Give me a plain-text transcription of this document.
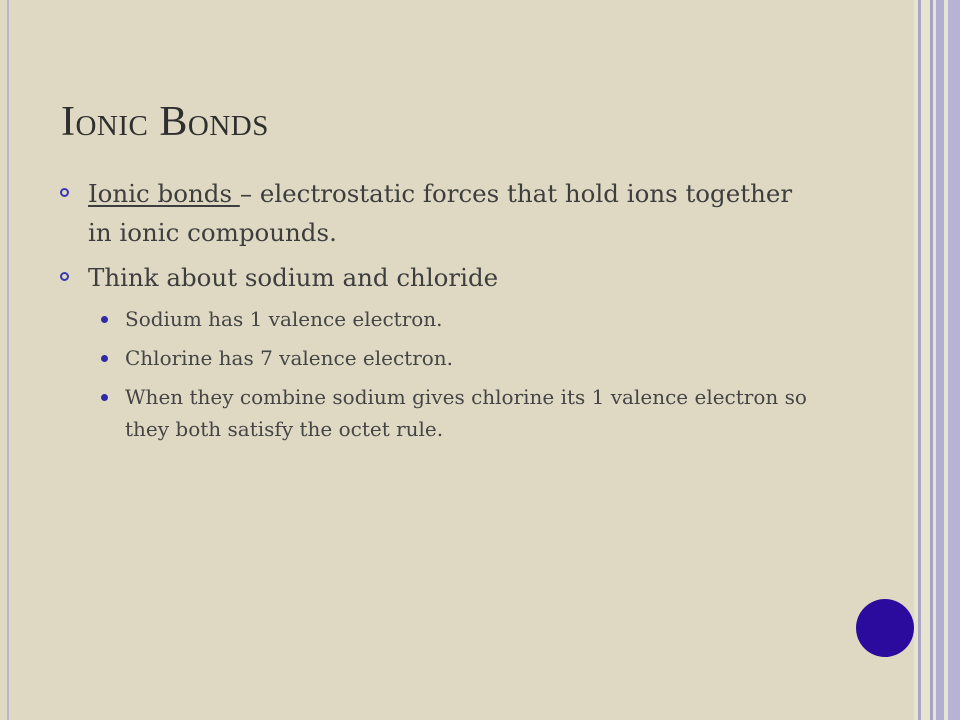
Ionic Bonds
Ionic bonds – electrostatic forces that hold ions together in ionic compounds.
Think about sodium and chloride
Sodium has 1 valence electron.
Chlorine has 7 valence electron.
When they combine sodium gives chlorine its 1 valence electron so they both satisfy the octet rule.
